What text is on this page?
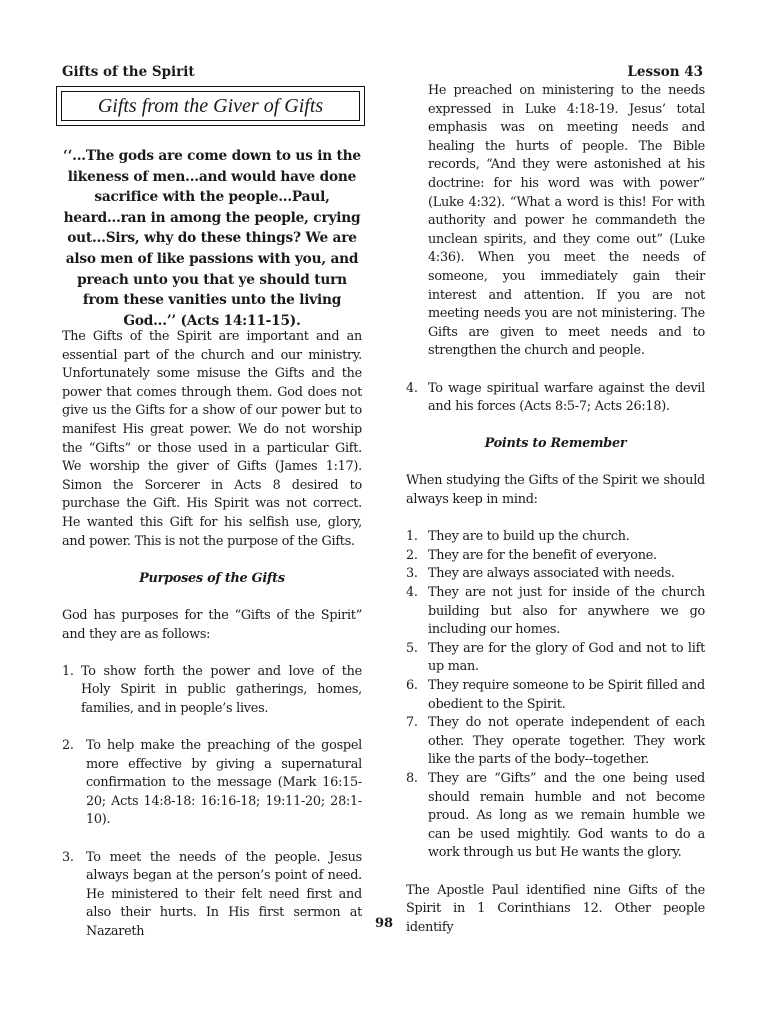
Gifts of the Spirit	Lesson 43
Gifts from the Giver of Gifts
‘‘...The gods are come down to us in the likeness of men...and would have done sacrifice with the people...Paul, heard...ran in among the people, crying out...Sirs, why do these things? We are also men of like passions with you, and preach unto you that ye should turn from these vanities unto the living God...’’ (Acts 14:11-15).

The Gifts of the Spirit are important and an essential part of the church and our ministry. Unfortunately some misuse the Gifts and the power that comes through them. God does not give us the Gifts for a show of our power but to manifest His great power. We do not worship the “Gifts” or those used in a particular Gift. We worship the giver of Gifts (James 1:17). Simon the Sorcerer in Acts 8 desired to purchase the Gift. His Spirit was not correct. He wanted this Gift for his selfish use, glory, and power. This is not the purpose of the Gifts.

Purposes of the Gifts

God has purposes for the “Gifts of the Spirit” and they are as follows:

1. To show forth the power and love of the Holy Spirit in public gatherings, homes, families, and in people’s lives.
2. To help make the preaching of the gospel more effective by giving a supernatural confirmation to the message (Mark 16:15-20; Acts 14:8-18: 16:16-18; 19:11-20; 28:1-10).
3. To meet the needs of the people. Jesus always began at the person’s point of need. He ministered to their felt need first and also their hurts. In His first sermon at Nazareth

He preached on ministering to the needs expressed in Luke 4:18-19. Jesus’ total emphasis was on meeting needs and healing the hurts of people. The Bible records, “And they were astonished at his doctrine: for his word was with power” (Luke 4:32). “What a word is this! For with authority and power he commandeth the unclean spirits, and they come out” (Luke 4:36). When you meet the needs of someone, you immediately gain their interest and attention. If you are not meeting needs you are not ministering. The Gifts are given to meet needs and to strengthen the church and people.

4. To wage spiritual warfare against the devil and his forces (Acts 8:5-7; Acts 26:18).

Points to Remember

When studying the Gifts of the Spirit we should always keep in mind:

1. They are to build up the church.
2. They are for the benefit of everyone.
3. They are always associated with needs.
4. They are not just for inside of the church building but also for anywhere we go including our homes.
5. They are for the glory of God and not to lift up man.
6. They require someone to be Spirit filled and obedient to the Spirit.
7. They do not operate independent of each other. They operate together. They work like the parts of the body--together.
8. They are “Gifts” and the one being used should remain humble and not become proud. As long as we remain humble we can be used mightily. God wants to do a work through us but He wants the glory.

The Apostle Paul identified nine Gifts of the Spirit in 1 Corinthians 12. Other people identify

98
